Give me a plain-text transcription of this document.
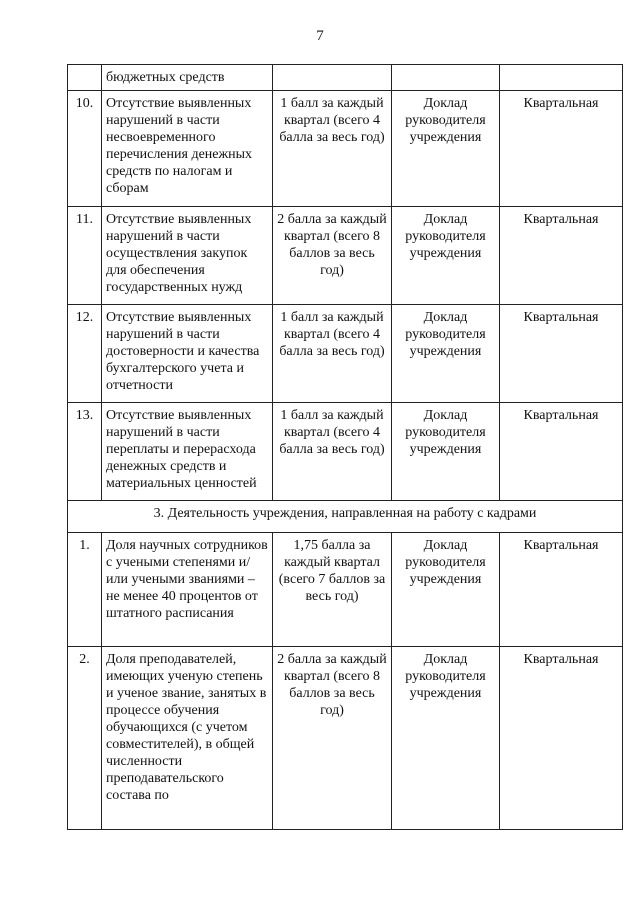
7
	бюджетных средств			
10.	Отсутствие выявленных нарушений в части несвоевременного перечисления денежных средств по налогам и сборам	1 балл за каждый квартал (всего 4 балла за весь год)	Доклад руководителя учреждения	Квартальная
11.	Отсутствие выявленных нарушений в части осуществления закупок для обеспечения государственных нужд	2 балла за каждый квартал (всего 8 баллов за весь год)	Доклад руководителя учреждения	Квартальная
12.	Отсутствие выявленных нарушений в части достоверности и качества бухгалтерского учета и отчетности	1 балл за каждый квартал (всего 4 балла за весь год)	Доклад руководителя учреждения	Квартальная
13.	Отсутствие выявленных нарушений в части переплаты и перерасхода денежных средств и материальных ценностей	1 балл за каждый квартал (всего 4 балла за весь год)	Доклад руководителя учреждения	Квартальная
3. Деятельность учреждения, направленная на работу с кадрами				
1.	Доля научных сотрудников с учеными степенями и/или учеными званиями – не менее 40 процентов от штатного расписания	1,75 балла за каждый квартал (всего 7 баллов за весь год)	Доклад руководителя учреждения	Квартальная
2.	Доля преподавателей, имеющих ученую степень и ученое звание, занятых в процессе обучения обучающихся (с учетом совместителей), в общей численности преподавательского состава по	2 балла за каждый квартал (всего 8 баллов за весь год)	Доклад руководителя учреждения	Квартальная
